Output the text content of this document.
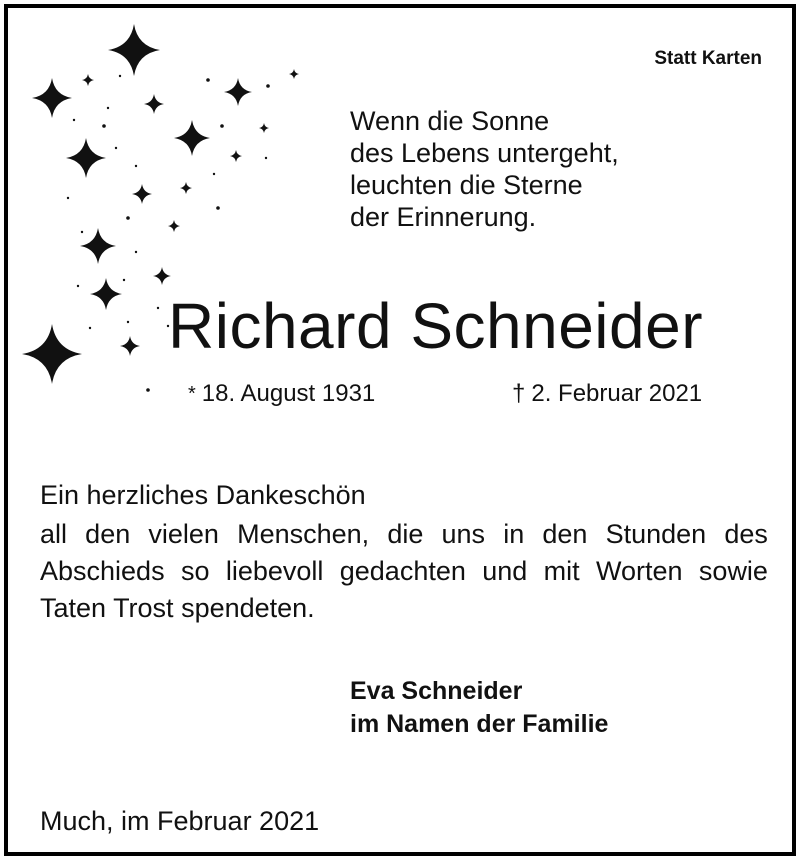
Statt Karten
Wenn die Sonne
des Lebens untergeht,
leuchten die Sterne
der Erinnerung.
Richard Schneider
* 18. August 1931	† 2. Februar 2021
Ein herzliches Dankeschön
all den vielen Menschen, die uns in den Stunden des
Abschieds so liebevoll gedachten und mit Worten sowie
Taten Trost spendeten.
Eva Schneider
im Namen der Familie
Much, im Februar 2021
